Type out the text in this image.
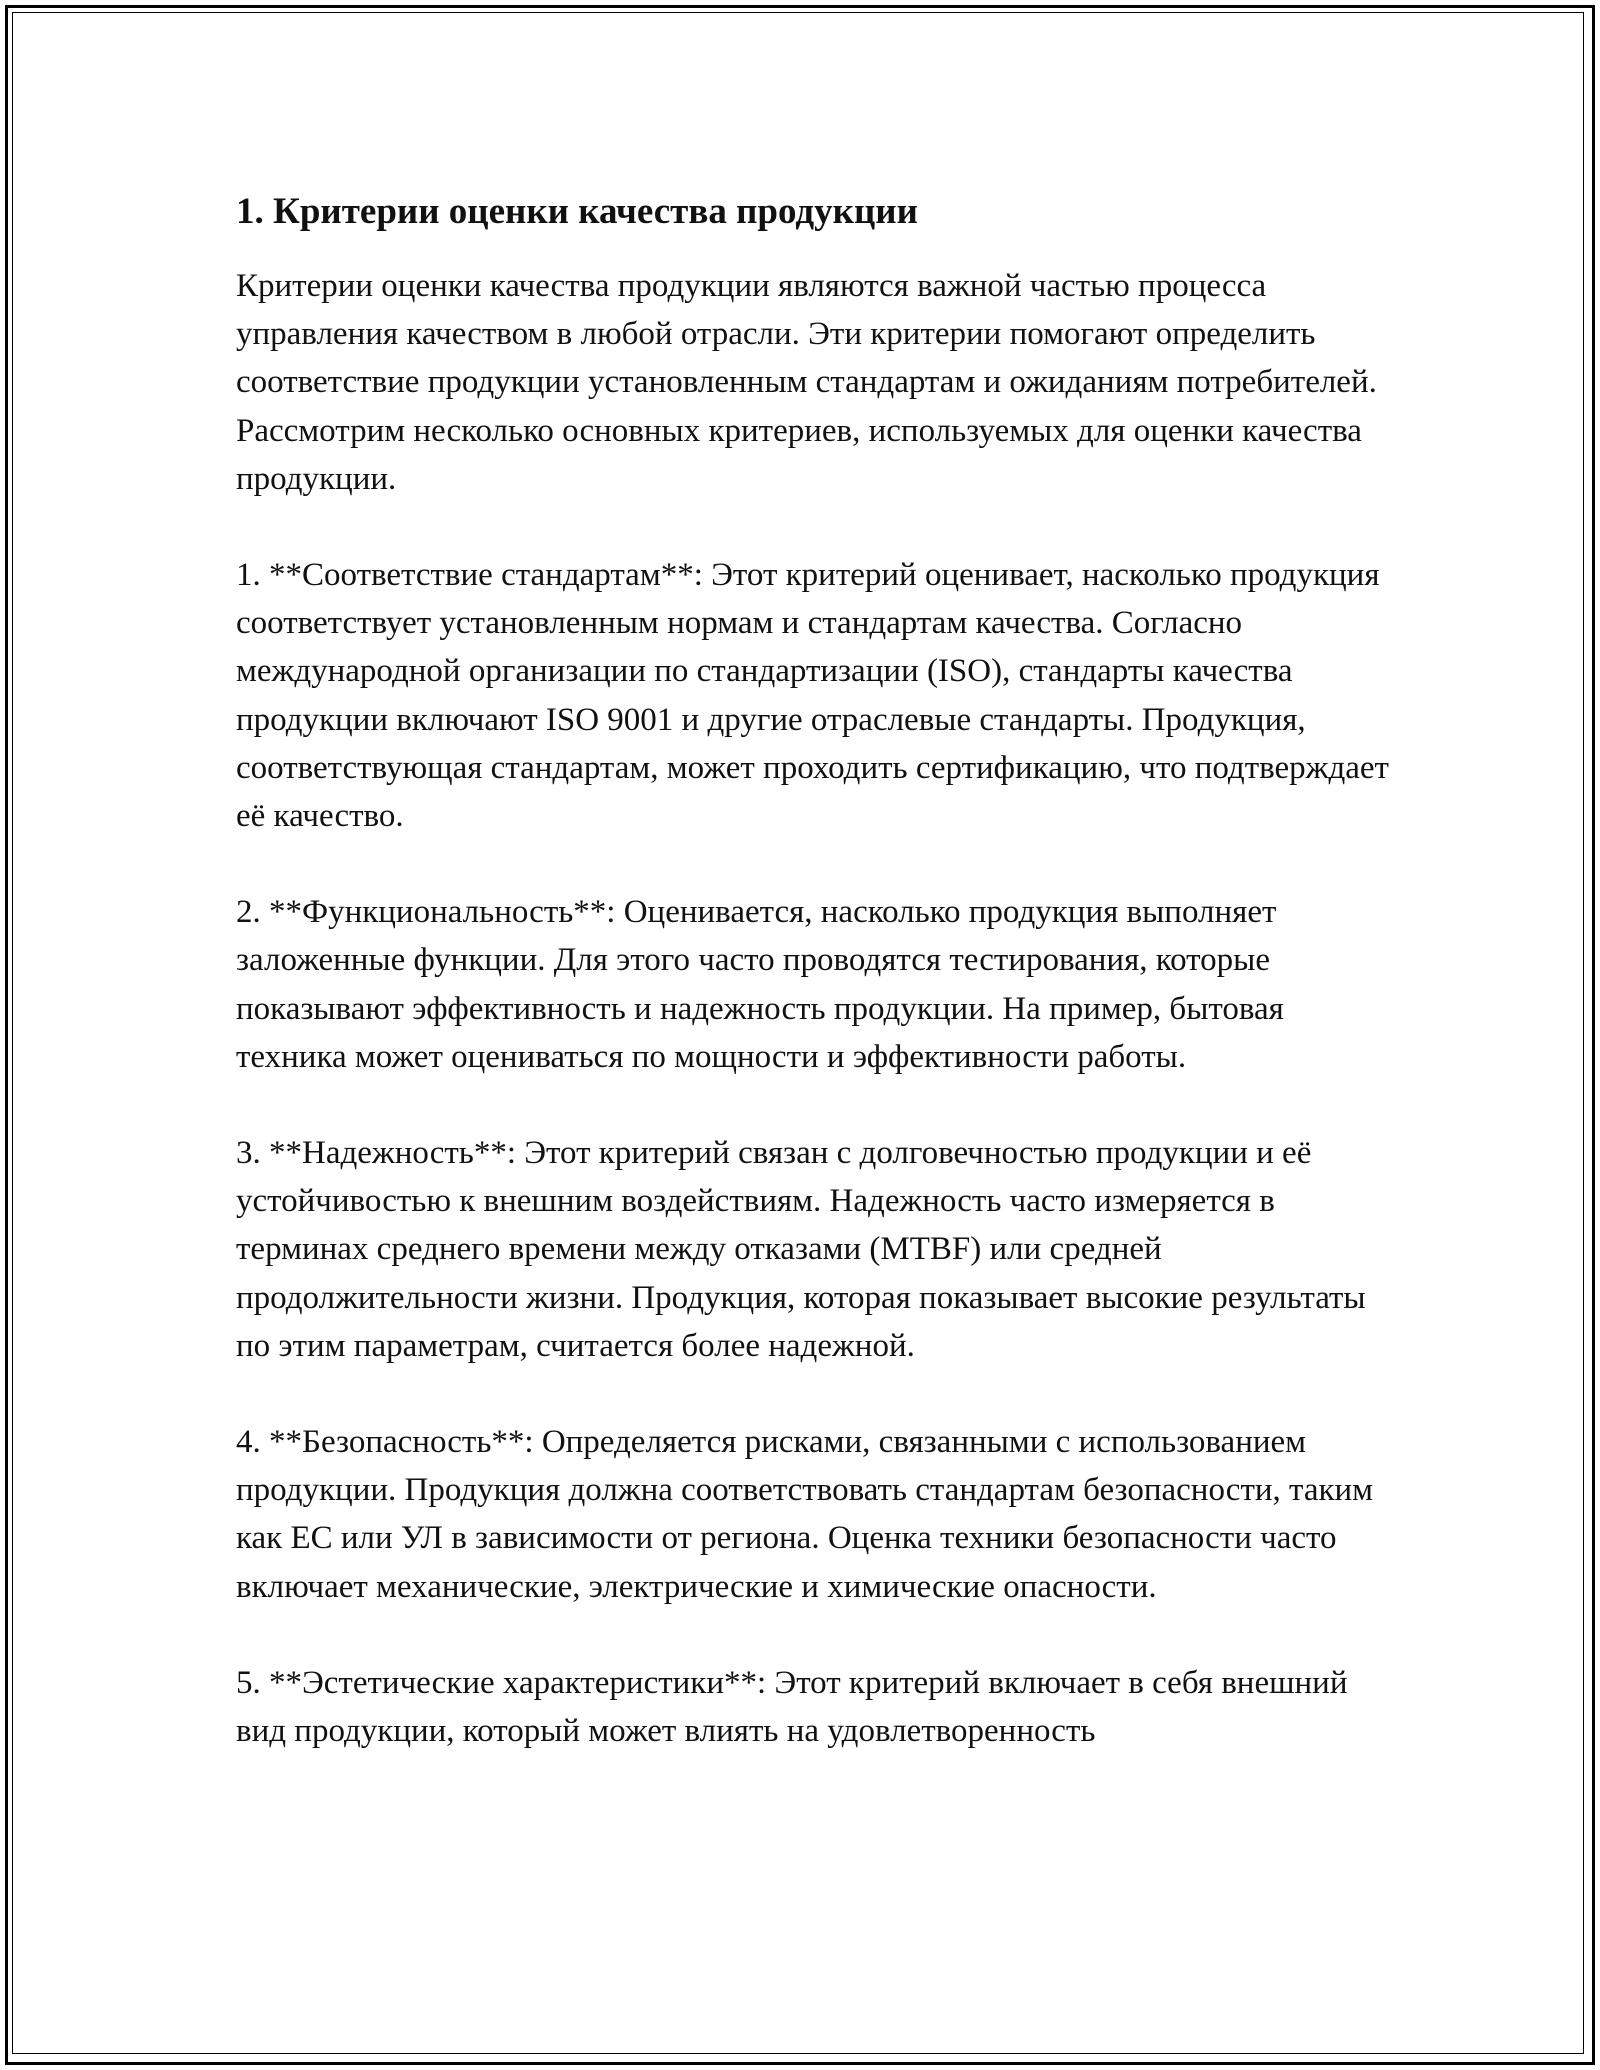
1. Критерии оценки качества продукции

Критерии оценки качества продукции являются важной частью процесса управления качеством в любой отрасли. Эти критерии помогают определить соответствие продукции установленным стандартам и ожиданиям потребителей. Рассмотрим несколько основных критериев, используемых для оценки качества продукции.

1. **Соответствие стандартам**: Этот критерий оценивает, насколько продукция соответствует установленным нормам и стандартам качества. Согласно международной организации по стандартизации (ISO), стандарты качества продукции включают ISO 9001 и другие отраслевые стандарты. Продукция, соответствующая стандартам, может проходить сертификацию, что подтверждает её качество.

2. **Функциональность**: Оценивается, насколько продукция выполняет заложенные функции. Для этого часто проводятся тестирования, которые показывают эффективность и надежность продукции. На пример, бытовая техника может оцениваться по мощности и эффективности работы.

3. **Надежность**: Этот критерий связан с долговечностью продукции и её устойчивостью к внешним воздействиям. Надежность часто измеряется в терминах среднего времени между отказами (MTBF) или средней продолжительности жизни. Продукция, которая показывает высокие результаты по этим параметрам, считается более надежной.

4. **Безопасность**: Определяется рисками, связанными с использованием продукции. Продукция должна соответствовать стандартам безопасности, таким как ЕС или УЛ в зависимости от региона. Оценка техники безопасности часто включает механические, электрические и химические опасности.

5. **Эстетические характеристики**: Этот критерий включает в себя внешний вид продукции, который может влиять на удовлетворенность
